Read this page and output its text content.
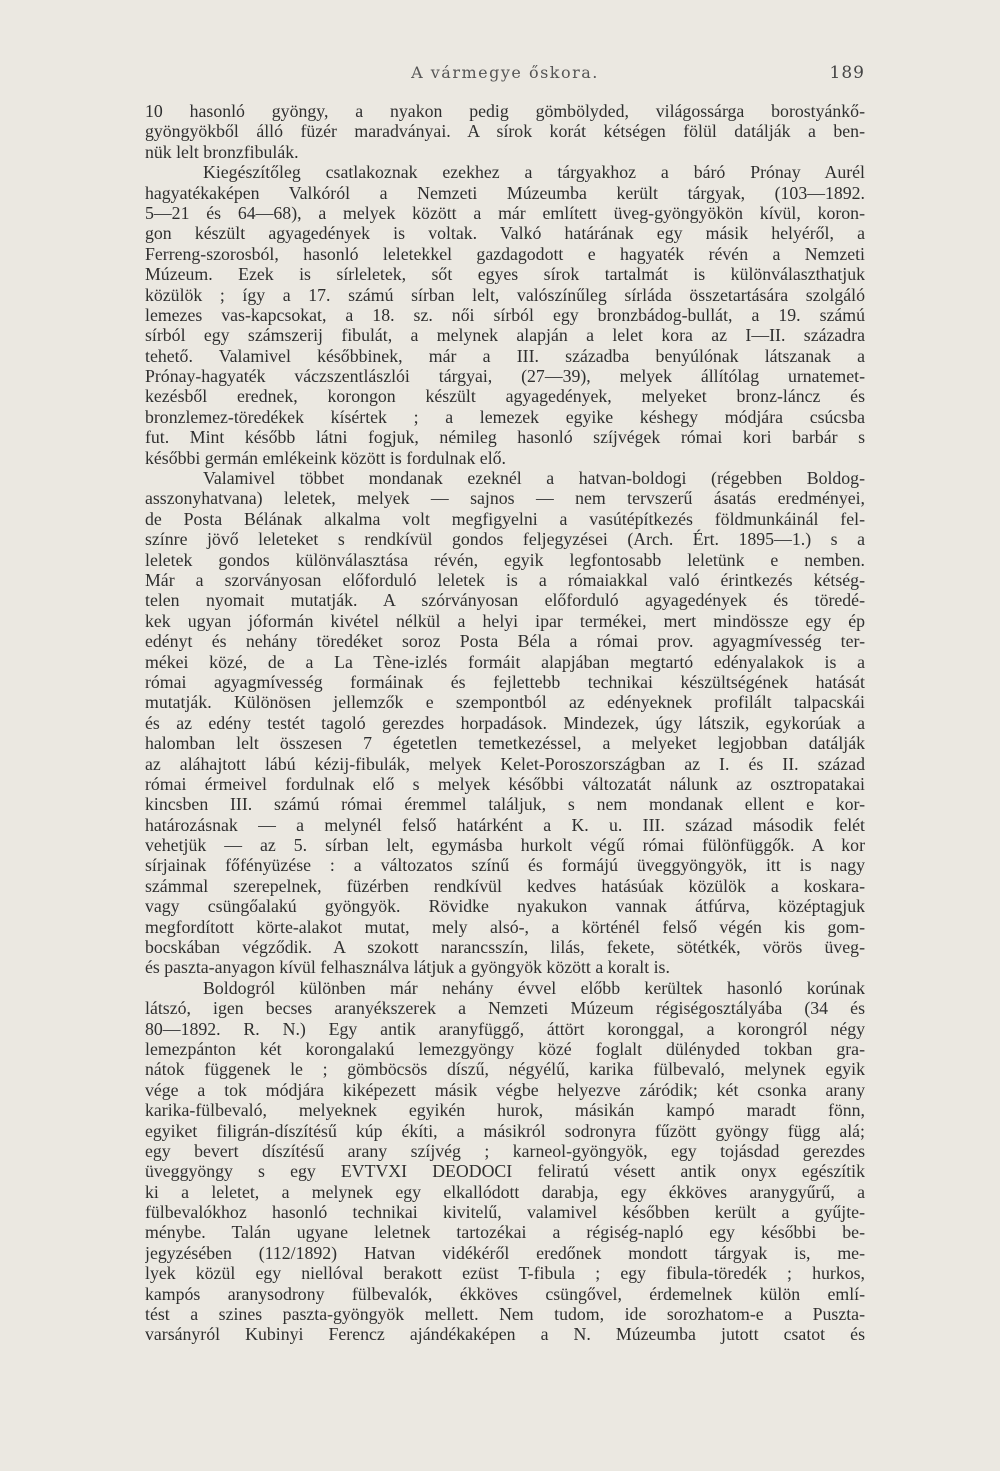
A vármegye őskora.	189
10 hasonló gyöngy, a nyakon pedig gömbölyded, világossárga borostyánkő-
gyöngyökből álló füzér maradványai. A sírok korát kétségen fölül datálják a ben-
nük lelt bronzfibulák.
Kiegészítőleg csatlakoznak ezekhez a tárgyakhoz a báró Prónay Aurél
hagyatékaképen Valkóról a Nemzeti Múzeumba került tárgyak, (103—1892.
5—21 és 64—68), a melyek között a már említett üveg-gyöngyökön kívül, koron-
gon készült agyagedények is voltak. Valkó határának egy másik helyéről, a
Ferreng-szorosból, hasonló leletekkel gazdagodott e hagyaték révén a Nemzeti
Múzeum. Ezek is sírleletek, sőt egyes sírok tartalmát is különválaszthatjuk
közülök ; így a 17. számú sírban lelt, valószínűleg sírláda összetartására szolgáló
lemezes vas-kapcsokat, a 18. sz. női sírból egy bronzbádog-bullát, a 19. számú
sírból egy számszerij fibulát, a melynek alapján a lelet kora az I—II. századra
tehető. Valamivel későbbinek, már a III. századba benyúlónak látszanak a
Prónay-hagyaték váczszentlászlói tárgyai, (27—39), melyek állítólag urnatemet-
kezésből erednek, korongon készült agyagedények, melyeket bronz-láncz és
bronzlemez-töredékek kísértek ; a lemezek egyike késhegy módjára csúcsba
fut. Mint később látni fogjuk, némileg hasonló szíjvégek római kori barbár s
későbbi germán emlékeink között is fordulnak elő.
Valamivel többet mondanak ezeknél a hatvan-boldogi (régebben Boldog-
asszonyhatvana) leletek, melyek — sajnos — nem tervszerű ásatás eredményei,
de Posta Bélának alkalma volt megfigyelni a vasútépítkezés földmunkáinál fel-
színre jövő leleteket s rendkívül gondos feljegyzései (Arch. Ért. 1895—1.) s a
leletek gondos különválasztása révén, egyik legfontosabb leletünk e nemben.
Már a szorványosan előforduló leletek is a rómaiakkal való érintkezés kétség-
telen nyomait mutatják. A szórványosan előforduló agyagedények és töredé-
kek ugyan jóformán kivétel nélkül a helyi ipar termékei, mert mindössze egy ép
edényt és nehány töredéket soroz Posta Béla a római prov. agyagmívesség ter-
mékei közé, de a La Tène-izlés formáit alapjában megtartó edényalakok is a
római agyagmívesség formáinak és fejlettebb technikai készültségének hatását
mutatják. Különösen jellemzők e szempontból az edényeknek profilált talpacskái
és az edény testét tagoló gerezdes horpadások. Mindezek, úgy látszik, egykorúak a
halomban lelt összesen 7 égetetlen temetkezéssel, a melyeket legjobban datálják
az aláhajtott lábú kézij-fibulák, melyek Kelet-Poroszországban az I. és II. század
római érmeivel fordulnak elő s melyek későbbi változatát nálunk az osztropatakai
kincsben III. számú római éremmel találjuk, s nem mondanak ellent e kor-
határozásnak — a melynél felső határként a K. u. III. század második felét
vehetjük — az 5. sírban lelt, egymásba hurkolt végű római fülönfüggők. A kor
sírjainak főfényüzése : a változatos színű és formájú üveggyöngyök, itt is nagy
számmal szerepelnek, füzérben rendkívül kedves hatásúak közülök a koskara-
vagy csüngőalakú gyöngyök. Rövidke nyakukon vannak átfúrva, középtagjuk
megfordított körte-alakot mutat, mely alsó-, a körténél felső végén kis gom-
bocskában végződik. A szokott narancsszín, lilás, fekete, sötétkék, vörös üveg-
és paszta-anyagon kívül felhasználva látjuk a gyöngyök között a koralt is.
Boldogról különben már nehány évvel előbb kerültek hasonló korúnak
látszó, igen becses aranyékszerek a Nemzeti Múzeum régiségosztályába (34 és
80—1892. R. N.) Egy antik aranyfüggő, áttört koronggal, a korongról négy
lemezpánton két korongalakú lemezgyöngy közé foglalt dülényded tokban gra-
nátok függenek le ; gömböcsös díszű, négyélű, karika fülbevaló, melynek egyik
vége a tok módjára kiképezett másik végbe helyezve záródik; két csonka arany
karika-fülbevaló, melyeknek egyikén hurok, másikán kampó maradt fönn,
egyiket filigrán-díszítésű kúp ékíti, a másikról sodronyra fűzött gyöngy függ alá;
egy bevert díszítésű arany szíjvég ; karneol-gyöngyök, egy tojásdad gerezdes
üveggyöngy s egy EVTVXI DEODOCI feliratú vésett antik onyx egészítik
ki a leletet, a melynek egy elkallódott darabja, egy ékköves aranygyűrű, a
fülbevalókhoz hasonló technikai kivitelű, valamivel későbben került a gyűjte-
ménybe. Talán ugyane leletnek tartozékai a régiség-napló egy későbbi be-
jegyzésében (112/1892) Hatvan vidékéről eredőnek mondott tárgyak is, me-
lyek közül egy niellóval berakott ezüst T-fibula ; egy fibula-töredék ; hurkos,
kampós aranysodrony fülbevalók, ékköves csüngővel, érdemelnek külön emlí-
tést a szines paszta-gyöngyök mellett. Nem tudom, ide sorozhatom-e a Puszta-
varsányról Kubinyi Ferencz ajándékaképen a N. Múzeumba jutott csatot és
